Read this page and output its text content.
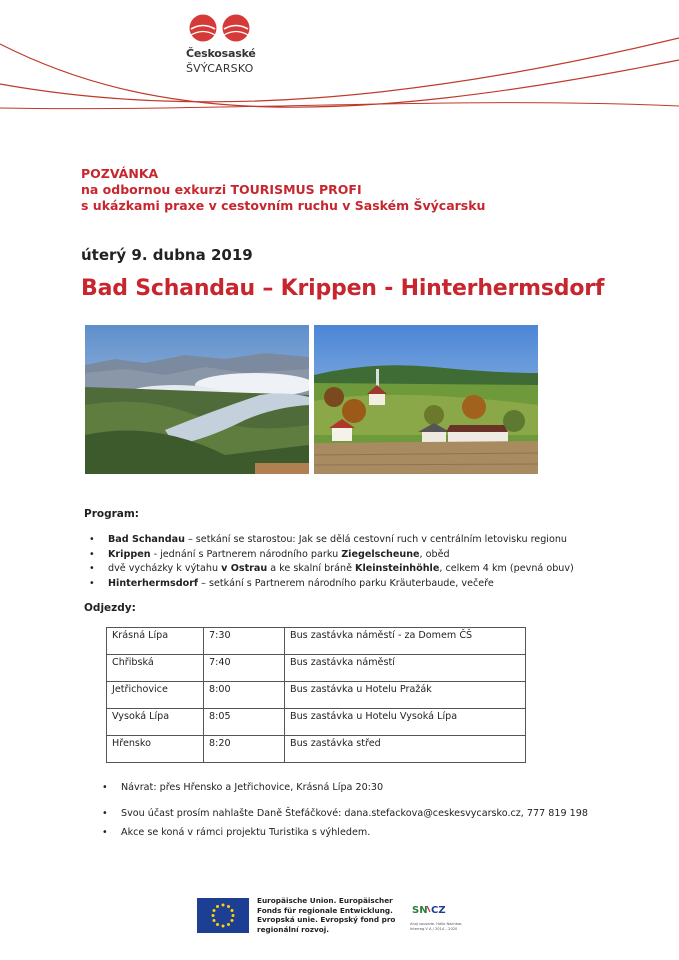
Českosaské
ŠVÝCARSKO
POZVÁNKA
na odbornou exkurzi TOURISMUS PROFI
s ukázkami praxe v cestovním ruchu v Saském Švýcarsku
úterý 9. dubna 2019
Bad Schandau – Krippen - Hinterhermsdorf
Program:
• Bad Schandau – setkání se starostou: Jak se dělá cestovní ruch v centrálním letovisku regionu
• Krippen - jednání s Partnerem národního parku Ziegelscheune, oběd
• dvě vycházky k výtahu v Ostrau a ke skalní bráně Kleinsteinhöhle, celkem 4 km (pevná obuv)
• Hinterhermsdorf – setkání s Partnerem národního parku Kräuterbaude, večeře
Odjezdy:
Krásná Lípa	7:30	Bus zastávka náměstí - za Domem ČŠ
Chřibská	7:40	Bus zastávka náměstí
Jetřichovice	8:00	Bus zastávka u Hotelu Pražák
Vysoká Lípa	8:05	Bus zastávka u Hotelu Vysoká Lípa
Hřensko	8:20	Bus zastávka střed
• Návrat: přes Hřensko a Jetřichovice, Krásná Lípa 20:30
• Svou účast prosím nahlašte Daně Štefáčkové: dana.stefackova@ceskesvycarsko.cz, 777 819 198
• Akce se koná v rámci projektu Turistika s výhledem.
Europäische Union. Europäischer
Fonds für regionale Entwicklung.
Evropská unie. Evropský fond pro
regionální rozvoj.
SN CZ
Ahoj sousede. Hallo Nachbar. Interreg V A / 2014 – 2020
